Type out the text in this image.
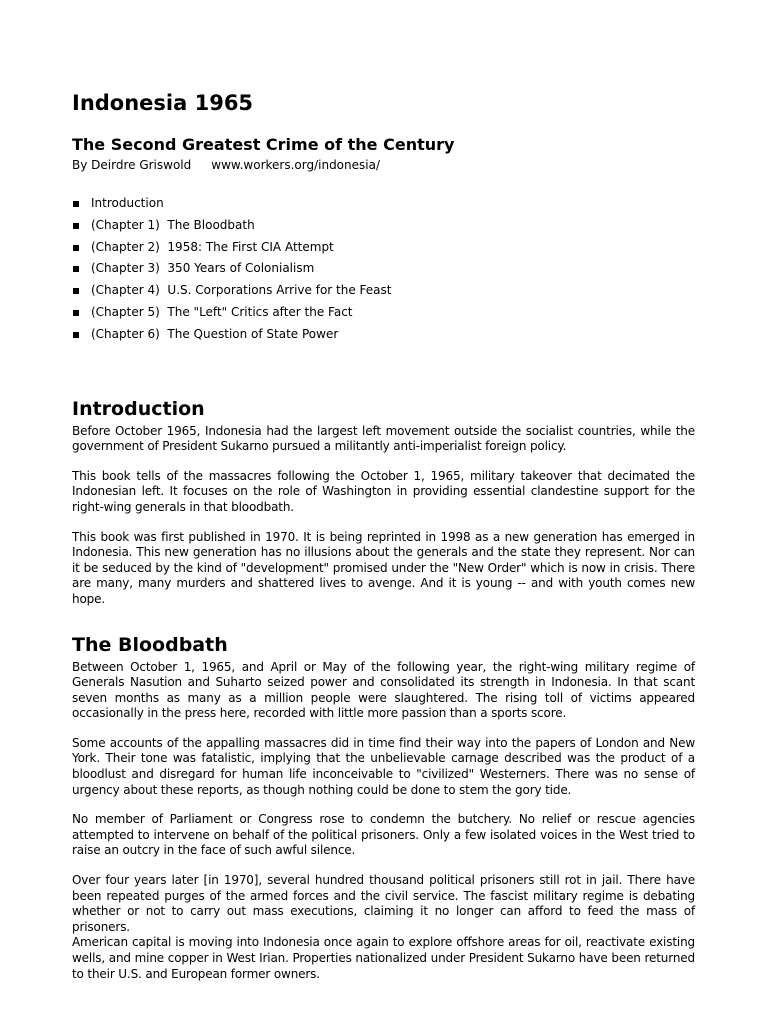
Indonesia 1965
The Second Greatest Crime of the Century
By Deirdre Griswold www.workers.org/indonesia/
Introduction
(Chapter 1)  The Bloodbath
(Chapter 2)  1958: The First CIA Attempt
(Chapter 3)  350 Years of Colonialism
(Chapter 4)  U.S. Corporations Arrive for the Feast
(Chapter 5)  The "Left" Critics after the Fact
(Chapter 6)  The Question of State Power
Introduction

Before October 1965, Indonesia had the largest left movement outside the socialist countries, while the government of President Sukarno pursued a militantly anti-imperialist foreign policy.

This book tells of the massacres following the October 1, 1965, military takeover that decimated the Indonesian left. It focuses on the role of Washington in providing essential clandestine support for the right-wing generals in that bloodbath.

This book was first published in 1970. It is being reprinted in 1998 as a new generation has emerged in Indonesia. This new generation has no illusions about the generals and the state they represent. Nor can it be seduced by the kind of "development" promised under the "New Order" which is now in crisis. There are many, many murders and shattered lives to avenge. And it is young -- and with youth comes new hope.

The Bloodbath

Between October 1, 1965, and April or May of the following year, the right-wing military regime of Generals Nasution and Suharto seized power and consolidated its strength in Indonesia. In that scant seven months as many as a million people were slaughtered. The rising toll of victims appeared occasionally in the press here, recorded with little more passion than a sports score.

Some accounts of the appalling massacres did in time find their way into the papers of London and New York. Their tone was fatalistic, implying that the unbelievable carnage described was the product of a bloodlust and disregard for human life inconceivable to "civilized" Westerners. There was no sense of urgency about these reports, as though nothing could be done to stem the gory tide.

No member of Parliament or Congress rose to condemn the butchery. No relief or rescue agencies attempted to intervene on behalf of the political prisoners. Only a few isolated voices in the West tried to raise an outcry in the face of such awful silence.

Over four years later [in 1970], several hundred thousand political prisoners still rot in jail. There have been repeated purges of the armed forces and the civil service. The fascist military regime is debating whether or not to carry out mass executions, claiming it no longer can afford to feed the mass of prisoners.

American capital is moving into Indonesia once again to explore offshore areas for oil, reactivate existing wells, and mine copper in West Irian. Properties nationalized under President Sukarno have been returned to their U.S. and European former owners.
